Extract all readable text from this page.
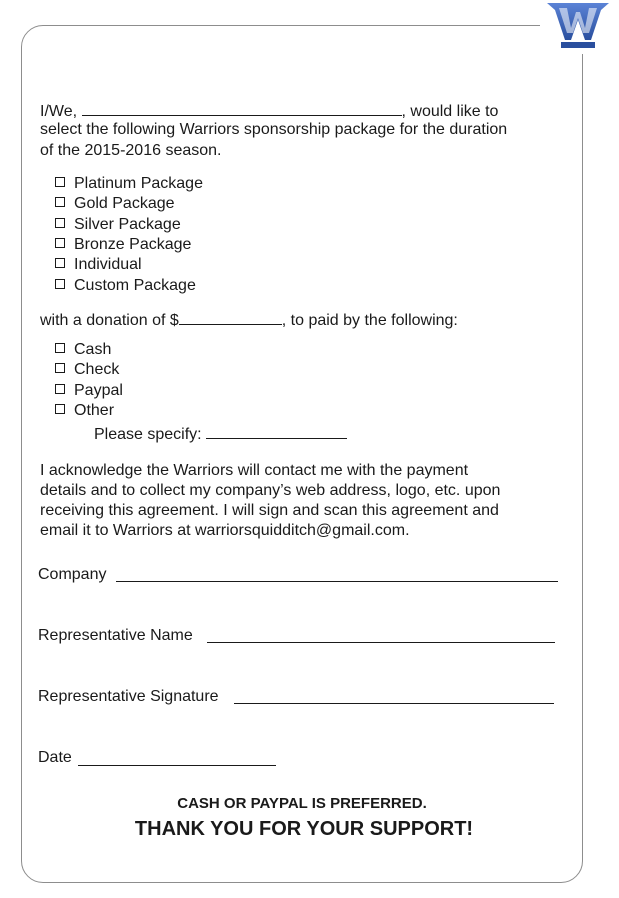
I/We,	, would like to
select the following Warriors sponsorship package for the duration
of the 2015-2016 season.
Platinum Package
Gold Package
Silver Package
Bronze Package
Individual
Custom Package
with a donation of $	, to paid by the following:
Cash
Check
Paypal
Other
Please specify:
I acknowledge the Warriors will contact me with the payment
details and to collect my company’s web address, logo, etc. upon
receiving this agreement. I will sign and scan this agreement and
email it to Warriors at warriorsquidditch@gmail.com.
Company
Representative Name
Representative Signature
Date
CASH OR PAYPAL IS PREFERRED.
THANK YOU FOR YOUR SUPPORT!
